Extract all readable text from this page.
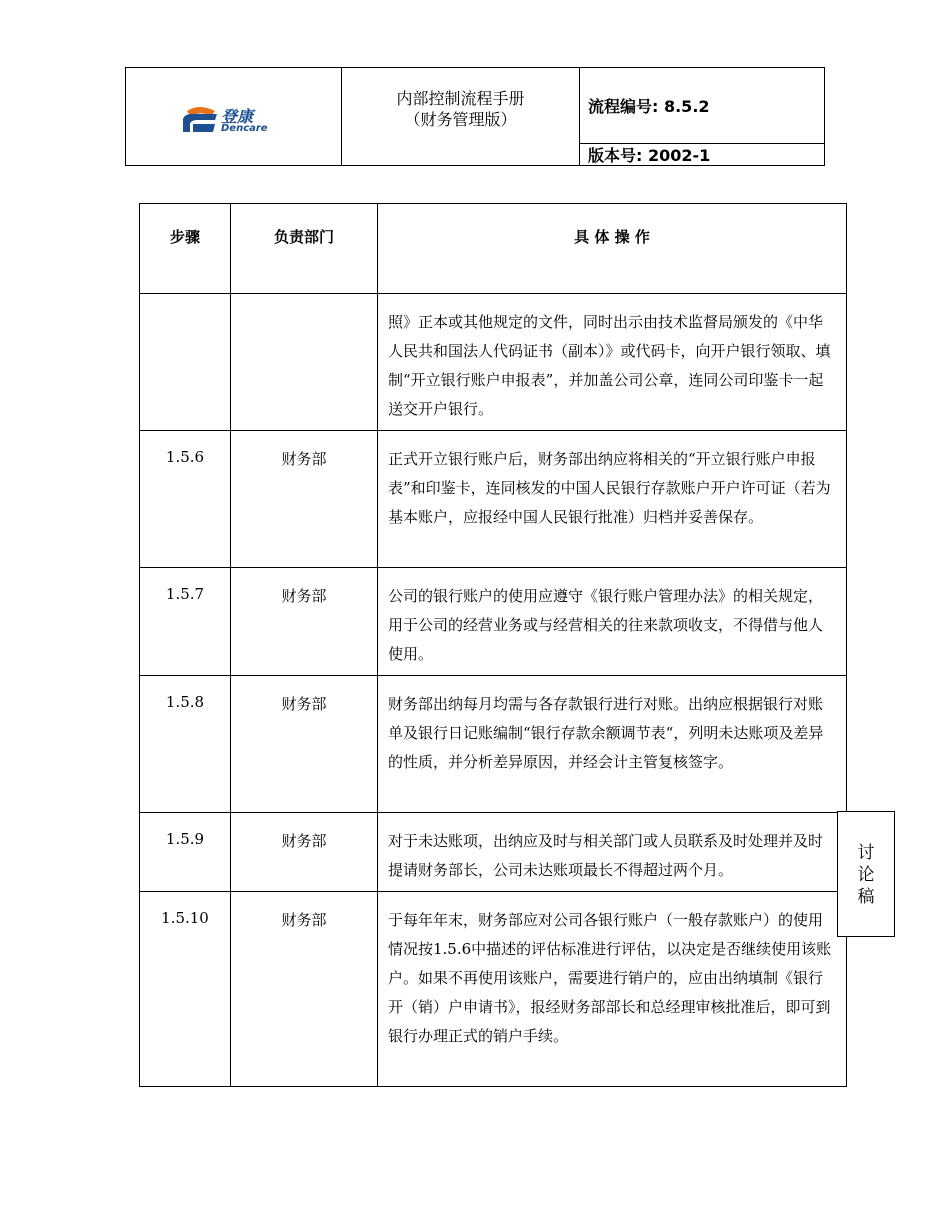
登康
Dencare
内部控制流程手册
（财务管理版）
流程编号: 8.5.2
版本号: 2002-1
步骤	负责部门	具 体 操 作
		照》正本或其他规定的文件，同时出示由技术监督局颁发的《中华人民共和国法人代码证书（副本）》或代码卡，向开户银行领取、填制“开立银行账户申报表”，并加盖公司公章，连同公司印鉴卡一起送交开户银行。
1.5.6	财务部	正式开立银行账户后，财务部出纳应将相关的“开立银行账户申报表”和印鉴卡，连同核发的中国人民银行存款账户开户许可证（若为基本账户，应报经中国人民银行批准）归档并妥善保存。
1.5.7	财务部	公司的银行账户的使用应遵守《银行账户管理办法》的相关规定，用于公司的经营业务或与经营相关的往来款项收支，不得借与他人使用。
1.5.8	财务部	财务部出纳每月均需与各存款银行进行对账。出纳应根据银行对账单及银行日记账编制“银行存款余额调节表“，列明未达账项及差异的性质，并分析差异原因，并经会计主管复核签字。
1.5.9	财务部	对于未达账项，出纳应及时与相关部门或人员联系及时处理并及时提请财务部长，公司未达账项最长不得超过两个月。
1.5.10	财务部	于每年年末，财务部应对公司各银行账户（一般存款账户）的使用情况按1.5.6中描述的评估标准进行评估，以决定是否继续使用该账户。如果不再使用该账户，需要进行销户的，应由出纳填制《银行开（销）户申请书》，报经财务部部长和总经理审核批准后，即可到银行办理正式的销户手续。
讨
论
稿
